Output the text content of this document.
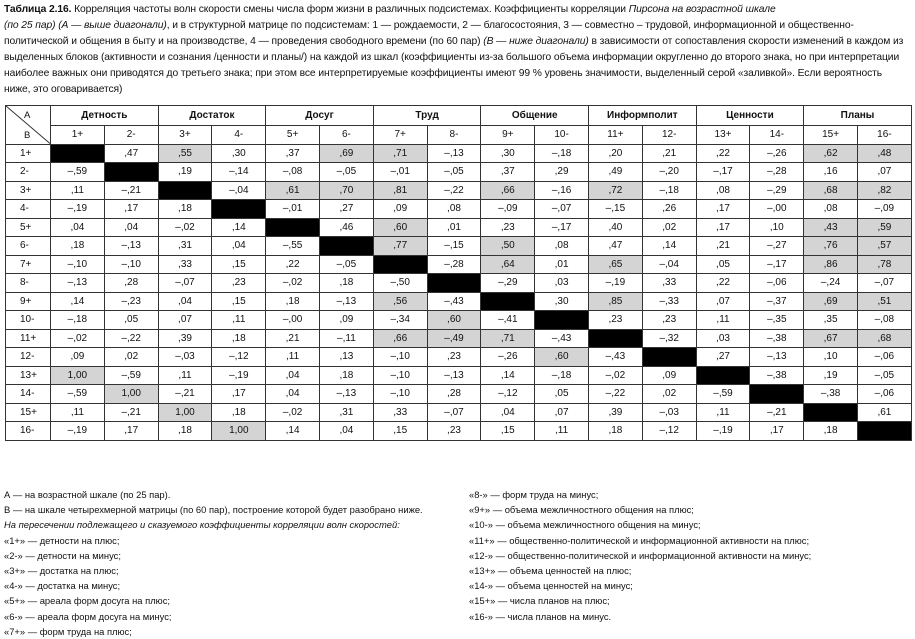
Таблица 2.16. Корреляция частоты волн скорости смены числа форм жизни в различных подсистемах. Коэффициенты корреляции Пирсона на возрастной шкале
(по 25 пар) (А — выше диагонали), и в структурной матрице по подсистемам: 1 — рождаемости, 2 — благосостояния, 3 — совместно – трудовой, информационной и общественно-политической и общения в быту и на производстве, 4 — проведения свободного времени (по 60 пар) (В — ниже диагонали) в зависимости от сопоставления скорости изменений в каждом из выделенных блоков (активности и сознания /ценности и планы/) на каждой из шкал (коэффициенты из-за большого объема информации округленно до второго знака, но при интерпретации наиболее важных они приводятся до третьего знака; при этом все интерпретируемые коэффициенты имеют 99 % уровень значимости, выделенный серой «заливкой». Если вероятность ниже, это оговаривается)
А
В	Детность		Достаток		Досуг		Труд		Общение		Информполит		Ценности		Планы	
	1+	2-	3+	4-	5+	6-	7+	8-	9+	10-	11+	12-	13+	14-	15+	16-
1+		,47	,55	,30	,37	,69	,71	–,13	,30	–,18	,20	,21	,22	–,26	,62	,48
2-	–,59		,19	–,14	–,08	–,05	–,01	–,05	,37	,29	,49	–,20	–,17	–,28	,16	,07
3+	,11	–,21		–,04	,61	,70	,81	–,22	,66	–,16	,72	–,18	,08	–,29	,68	,82
4-	–,19	,17	,18		–,01	,27	,09	,08	–,09	–,07	–,15	,26	,17	–,00	,08	–,09
5+	,04	,04	–,02	,14		,46	,60	,01	,23	–,17	,40	,02	,17	,10	,43	,59
6-	,18	–,13	,31	,04	–,55		,77	–,15	,50	,08	,47	,14	,21	–,27	,76	,57
7+	–,10	–,10	,33	,15	,22	–,05		–,28	,64	,01	,65	–,04	,05	–,17	,86	,78
8-	–,13	,28	–,07	,23	–,02	,18	–,50		–,29	,03	–,19	,33	,22	–,06	–,24	–,07
9+	,14	–,23	,04	,15	,18	–,13	,56	–,43		,30	,85	–,33	,07	–,37	,69	,51
10-	–,18	,05	,07	,11	–,00	,09	–,34	,60	–,41		,23	,23	,11	–,35	,35	–,08
11+	–,02	–,22	,39	,18	,21	–,11	,66	–,49	,71	–,43		–,32	,03	–,38	,67	,68
12-	,09	,02	–,03	–,12	,11	,13	–,10	,23	–,26	,60	–,43		,27	–,13	,10	–,06
13+	1,00	–,59	,11	–,19	,04	,18	–,10	–,13	,14	–,18	–,02	,09		–,38	,19	–,05
14-	–,59	1,00	–,21	,17	,04	–,13	–,10	,28	–,12	,05	–,22	,02	–,59		–,38	–,06
15+	,11	–,21	1,00	,18	–,02	,31	,33	–,07	,04	,07	,39	–,03	,11	–,21		,61
16-	–,19	,17	,18	1,00	,14	,04	,15	,23	,15	,11	,18	–,12	–,19	,17	,18	
А — на возрастной шкале (по 25 пар).
В — на шкале четырехмерной матрицы (по 60 пар), построение которой будет разобрано ниже.
На пересечении подлежащего и сказуемого коэффициенты корреляции волн скоростей:
«1+» — детности на плюс;
«2-» — детности на минус;
«3+» — достатка на плюс;
«4-» — достатка на минус;
«5+» — ареала форм досуга на плюс;
«6-» — ареала форм досуга на минус;
«7+» — форм труда на плюс;
«8-» — форм труда на минус;
«9+» — объема межличностного общения на плюс;
«10-» — объема межличностного общения на минус;
«11+» — общественно-политической и информационной активности на плюс;
«12-» — общественно-политической и информационной активности на минус;
«13+» — объема ценностей на плюс;
«14-» — объема ценностей на минус;
«15+» — числа планов на плюс;
«16-» — числа планов на минус.
